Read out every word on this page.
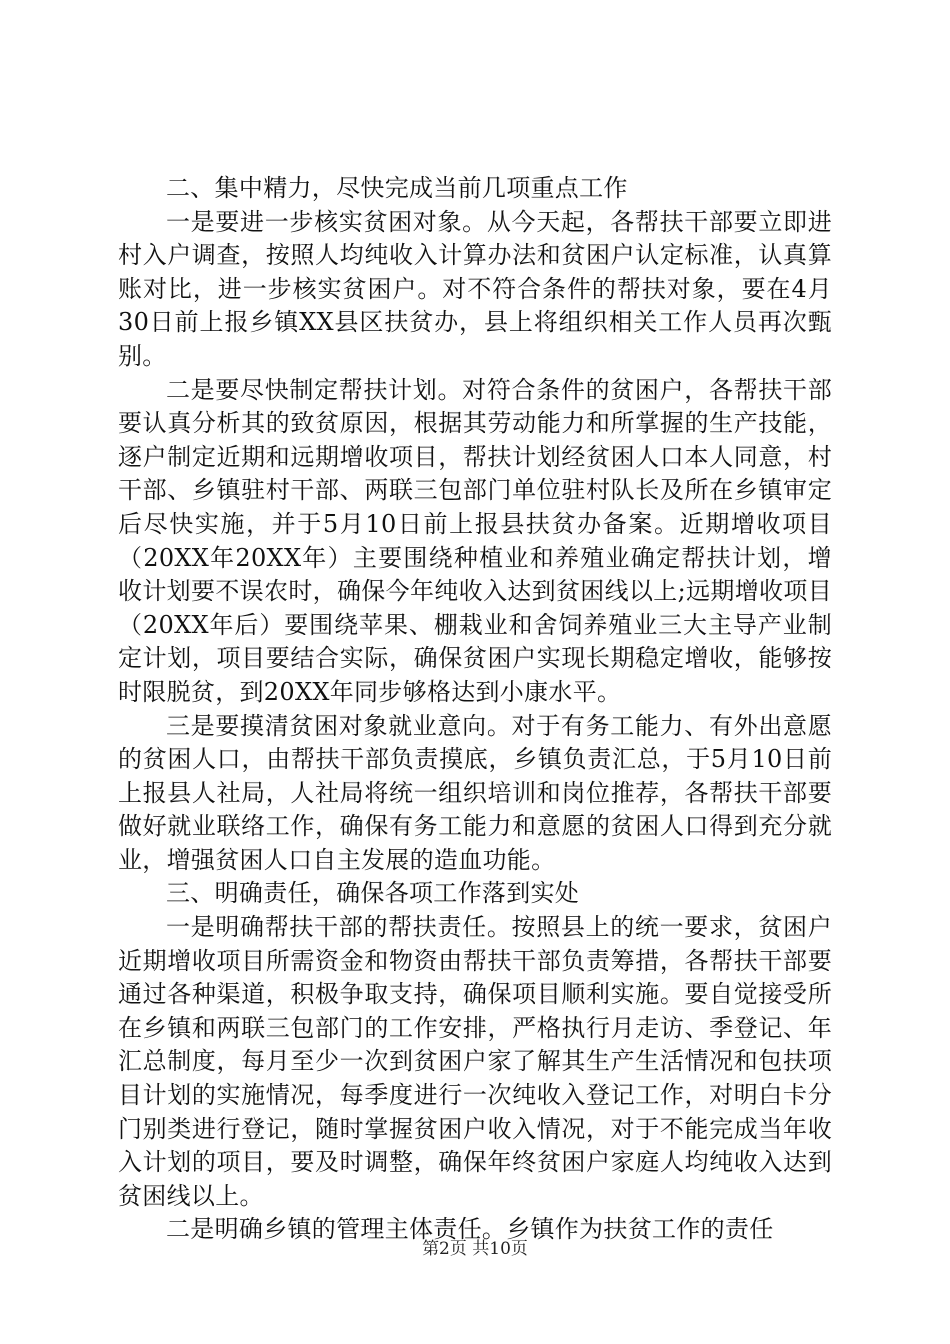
二、集中精力，尽快完成当前几项重点工作

一是要进一步核实贫困对象。从今天起，各帮扶干部要立即进村入户调查，按照人均纯收入计算办法和贫困户认定标准，认真算账对比，进一步核实贫困户。对不符合条件的帮扶对象，要在4月30日前上报乡镇XX县区扶贫办，县上将组织相关工作人员再次甄别。

二是要尽快制定帮扶计划。对符合条件的贫困户，各帮扶干部要认真分析其的致贫原因，根据其劳动能力和所掌握的生产技能，逐户制定近期和远期增收项目，帮扶计划经贫困人口本人同意，村干部、乡镇驻村干部、两联三包部门单位驻村队长及所在乡镇审定后尽快实施，并于5月10日前上报县扶贫办备案。近期增收项目（20XX年20XX年）主要围绕种植业和养殖业确定帮扶计划，增收计划要不误农时，确保今年纯收入达到贫困线以上;远期增收项目（20XX年后）要围绕苹果、棚栽业和舍饲养殖业三大主导产业制定计划，项目要结合实际，确保贫困户实现长期稳定增收，能够按时限脱贫，到20XX年同步够格达到小康水平。

三是要摸清贫困对象就业意向。对于有务工能力、有外出意愿的贫困人口，由帮扶干部负责摸底，乡镇负责汇总，于5月10日前上报县人社局，人社局将统一组织培训和岗位推荐，各帮扶干部要做好就业联络工作，确保有务工能力和意愿的贫困人口得到充分就业，增强贫困人口自主发展的造血功能。

三、明确责任，确保各项工作落到实处

一是明确帮扶干部的帮扶责任。按照县上的统一要求，贫困户近期增收项目所需资金和物资由帮扶干部负责筹措，各帮扶干部要通过各种渠道，积极争取支持，确保项目顺利实施。要自觉接受所在乡镇和两联三包部门的工作安排，严格执行月走访、季登记、年汇总制度，每月至少一次到贫困户家了解其生产生活情况和包扶项目计划的实施情况，每季度进行一次纯收入登记工作，对明白卡分门别类进行登记，随时掌握贫困户收入情况，对于不能完成当年收入计划的项目，要及时调整，确保年终贫困户家庭人均纯收入达到贫困线以上。

二是明确乡镇的管理主体责任。乡镇作为扶贫工作的责任

第2页 共10页
